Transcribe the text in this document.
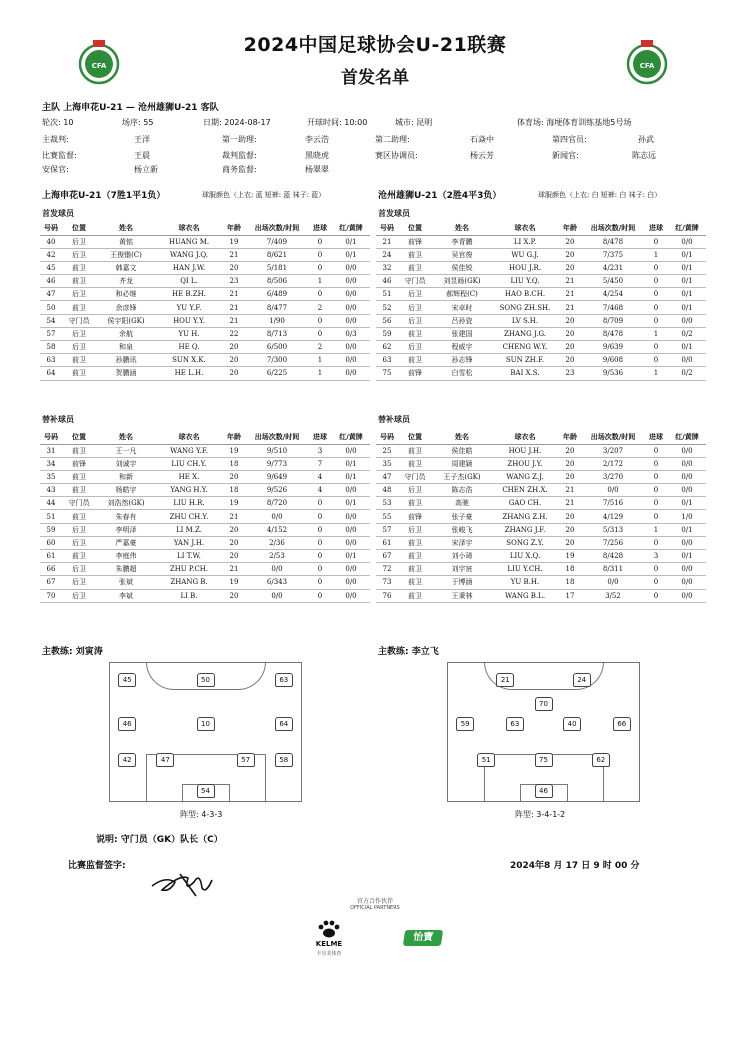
CFA	CFA
2024中国足球协会U-21联赛
首发名单
主队 上海申花U-21 — 沧州雄狮U-21 客队
轮次: 10	场序: 55	日期: 2024-08-17	开球时间: 10:00	城市: 昆明	体育场: 海埂体育训练基地5号场
主裁判:	王洋	第一助理:	李云浩	第二助理:	石焱中	第四官员:	孙武
比赛监督:	王晨	裁判监督:	黑晓虎	赛区协调员:	杨云芳	新闻官:	陈志远
安保官:	杨立新	商务监督:	杨翠翠
上海申花U-21（7胜1平1负）	球服颜色（上衣: 蓝 短裤: 蓝 袜子: 蓝）	沧州雄狮U-21（2胜4平3负）	球服颜色（上衣: 白 短裤: 白 袜子: 白）
首发球员	首发球员
号码	位置	姓名	球衣名	年龄	出场次数/时间	进球	红/黄牌
40	后卫	黄铭	HUANG M.	19	7/409	0	0/1
42	后卫	王俊锴(C)	WANG J.Q.	21	8/621	0	0/1
45	前卫	韩嘉文	HAN J.W.	20	5/181	0	0/0
46	前卫	齐龙	QI L.	23	8/506	1	0/0
47	后卫	和必继	HE B.ZH.	21	6/489	0	0/0
50	前卫	余彦锋	YU Y.F.	21	8/477	2	0/0
54	守门员	侯宇阳(GK)	HOU Y.Y.	21	1/90	0	0/0
57	后卫	余航	YU H.	22	8/713	0	0/3
58	后卫	和泉	HE Q.	20	6/500	2	0/0
63	前卫	孙鹏讯	SUN X.K.	20	7/300	1	0/0
64	前卫	贺鹏涵	HE L.H.	20	6/225	1	0/0
号码	位置	姓名	球衣名	年龄	出场次数/时间	进球	红/黄牌
21	前锋	李青鹏	LI X.P.	20	8/478	0	0/0
24	前卫	吴官俊	WU G.J.	20	7/375	1	0/1
32	前卫	侯佳锐	HOU J.R.	20	4/231	0	0/1
46	守门员	刘昱旸(GK)	LIU Y.Q.	21	5/450	0	0/1
51	后卫	郝辉程(C)	HAO B.CH.	21	4/254	0	0/1
52	后卫	宋卓时	SONG ZH.SH.	21	7/468	0	0/1
56	后卫	吕孙瓷	LV S.H.	20	8/709	0	0/0
59	前卫	张建国	ZHANG J.G.	20	8/478	1	0/2
62	后卫	程威宇	CHENG W.Y.	20	9/639	0	0/1
63	前卫	孙志锋	SUN ZH.F.	20	9/608	0	0/0
75	前锋	白雪松	BAI X.S.	23	9/536	1	0/2
替补球员	替补球员
号码	位置	姓名	球衣名	年龄	出场次数/时间	进球	红/黄牌
31	前卫	王一凡	WANG Y.F.	19	9/510	3	0/0
34	前锋	刘诚宇	LIU CH.Y.	18	9/773	7	0/1
35	前卫	和新	HE X.	20	9/649	4	0/1
43	前卫	杨皓宇	YANG H.Y.	18	9/526	4	0/0
44	守门员	刘浩然(GK)	LIU H.R.	19	8/720	0	0/1
51	前卫	朱春有	ZHU CH.Y.	21	0/0	0	0/0
59	后卫	李明泽	LI M.Z.	20	4/152	0	0/0
60	后卫	严嘉豪	YAN J.H.	20	2/36	0	0/0
61	前卫	李庭伟	LI T.W.	20	2/53	0	0/1
66	后卫	朱鹏超	ZHU P.CH.	21	0/0	0	0/0
67	后卫	张斌	ZHANG B.	19	6/343	0	0/0
70	后卫	李斌	LI B.	20	0/0	0	0/0
号码	位置	姓名	球衣名	年龄	出场次数/时间	进球	红/黄牌
25	前卫	侯佳皓	HOU J.H.	20	3/207	0	0/0
35	前卫	周建颖	ZHOU J.Y.	20	2/172	0	0/0
47	守门员	王子杰(GK)	WANG Z.J.	20	3/270	0	0/0
48	后卫	陈志浩	CHEN ZH.X.	21	0/0	0	0/0
53	前卫	高驰	GAO CH.	21	7/516	0	0/1
55	前锋	张子豪	ZHANG Z.H.	20	4/129	0	1/0
57	后卫	张峻飞	ZHANG J.F.	20	5/313	1	0/1
61	前卫	宋泽宇	SONG Z.Y.	20	7/256	0	0/0
67	前卫	刘小琦	LIU X.Q.	19	8/428	3	0/1
72	前卫	刘宇宸	LIU Y.CH.	18	8/311	0	0/0
73	前卫	于博涵	YU B.H.	18	0/0	0	0/0
76	前卫	王秉林	WANG B.L.	17	3/52	0	0/0
主教练: 刘寅涛	主教练: 李立飞
45	50	63
46	10	64
42	47	57	58
54
21	24
70
59	63	40	66
51	75	62
46
阵型: 4-3-3	阵型: 3-4-1-2
说明: 守门员（GK）队长（C）
比赛监督签字:	2024年8 月 17 日 9 时 00 分
官方合作伙伴
OFFICIAL PARTNERS
KELME
卡尔美体育
怡寶
